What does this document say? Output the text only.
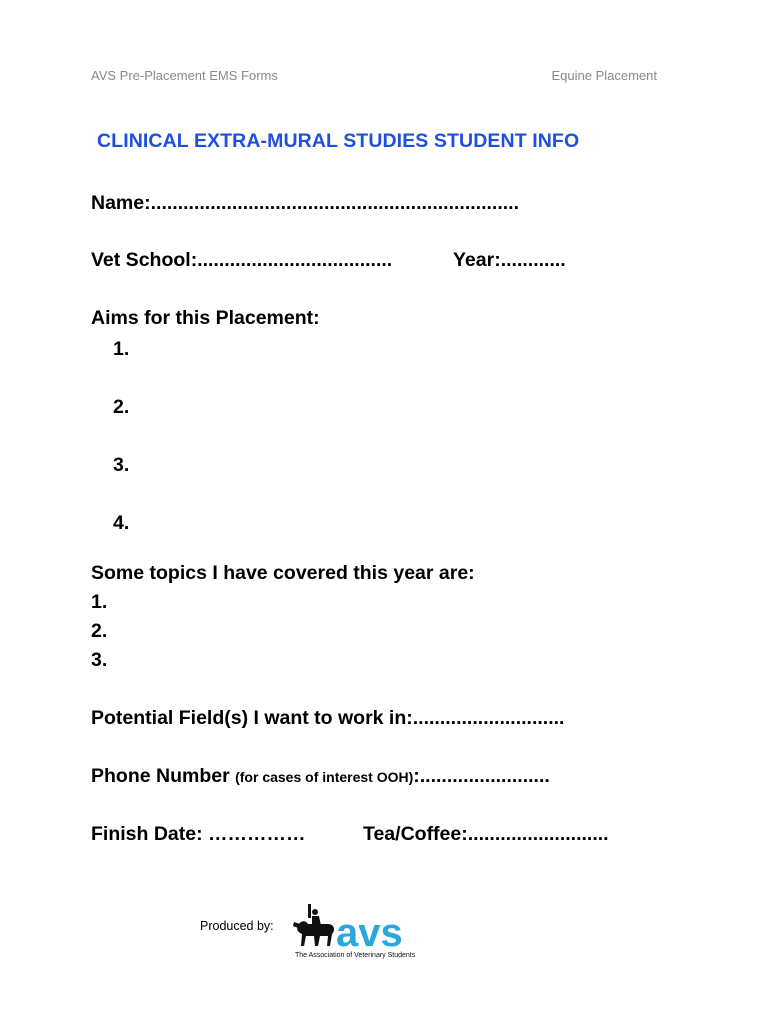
AVS Pre-Placement EMS Forms	Equine Placement
CLINICAL EXTRA-MURAL STUDIES STUDENT INFO
Name:....................................................................
Vet School:....................................	Year:............
Aims for this Placement:
1.
2.
3.
4.
Some topics I have covered this year are:
1.
2.
3.
Potential Field(s) I want to work in:............................
Phone Number (for cases of interest OOH):........................
Finish Date: ……………	Tea/Coffee:..........................
Produced by: avs
The Association of Veterinary Students
